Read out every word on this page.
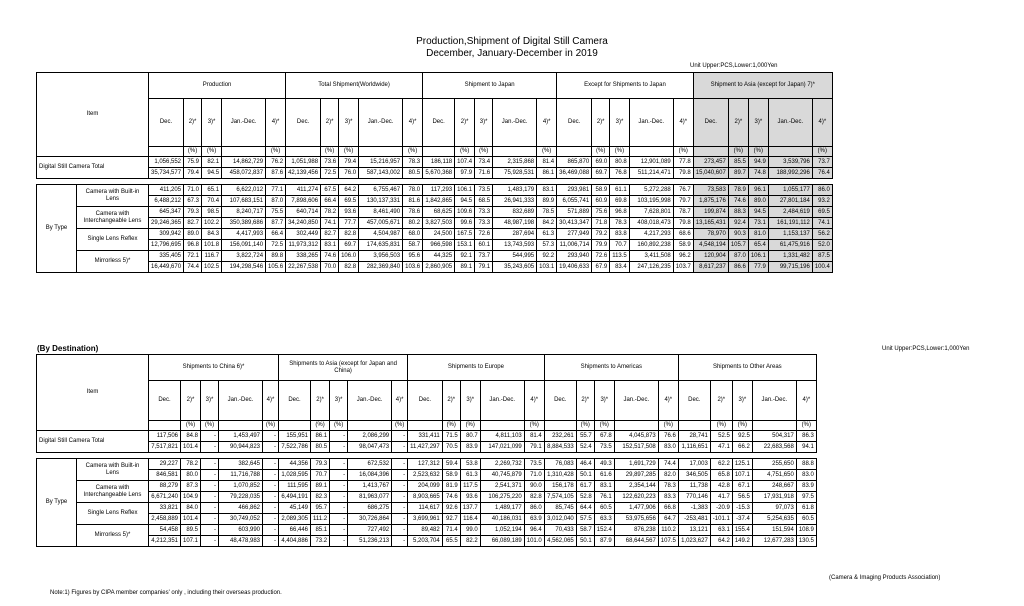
Production,Shipment of Digital Still Camera
December, January-December in 2019
Unit Upper:PCS,Lower:1,000Yen
Item		Production					Total Shipment(Worldwide)					Shipment to Japan					Except for Shipments to Japan					Shipment to Asia (except for Japan) 7)*				
		Dec.	2)*	3)*	Jan.-Dec.	4)*	Dec.	2)*	3)*	Jan.-Dec.	4)*	Dec.	2)*	3)*	Jan.-Dec.	4)*	Dec.	2)*	3)*	Jan.-Dec.	4)*	Dec.	2)*	3)*	Jan.-Dec.	4)*
			(%)	(%)		(%)		(%)	(%)		(%)		(%)	(%)		(%)		(%)	(%)		(%)		(%)	(%)		(%)
Digital Still Camera Total		1,056,552	75.9	82.1	14,862,729	76.2	1,051,988	73.6	79.4	15,216,957	78.3	186,118	107.4	73.4	2,315,868	81.4	865,870	69.0	80.8	12,901,089	77.8	273,457	85.5	94.9	3,539,796	73.7
		35,734,577	79.4	94.5	458,072,837	87.6	42,139,456	72.5	76.0	587,143,002	80.5	5,670,368	97.9	71.6	75,928,531	86.1	36,469,088	69.7	76.8	511,214,471	79.8	15,040,607	89.7	74.8	188,992,296	76.4

By Type	Camera with Built-in Lens	411,205	71.0	65.1	6,622,012	77.1	411,274	67.5	64.2	6,755,467	78.0	117,293	106.1	73.5	1,483,179	83.1	293,981	58.9	61.1	5,272,288	76.7	73,583	78.9	96.1	1,055,177	86.0
		6,488,212	67.3	70.4	107,683,151	87.0	7,898,606	66.4	69.5	130,137,331	81.6	1,842,865	94.5	68.5	26,941,333	89.9	6,055,741	60.9	69.8	103,195,998	79.7	1,875,176	74.6	89.0	27,801,184	93.2
	Camera with Interchangeable Lens	645,347	79.3	98.5	8,240,717	75.5	640,714	78.2	93.6	8,461,490	78.6	68,625	109.6	73.3	832,689	78.5	571,889	75.6	96.8	7,628,801	78.7	199,874	88.3	94.5	2,484,619	69.5
		29,246,365	82.7	102.2	350,389,686	87.7	34,240,850	74.1	77.7	457,005,671	80.2	3,827,503	99.6	73.3	48,987,198	84.2	30,413,347	71.8	78.3	408,018,473	79.8	13,165,431	92.4	73.1	161,191,112	74.1
	Single Lens Reflex	309,942	89.0	84.3	4,417,993	66.4	302,449	82.7	82.8	4,504,987	68.0	24,500	167.5	72.6	287,694	61.3	277,949	79.2	83.8	4,217,293	68.6	78,970	90.3	81.0	1,153,137	56.2
		12,796,695	96.8	101.8	156,091,140	72.5	11,973,312	83.1	69.7	174,635,831	58.7	966,598	153.1	60.1	13,743,593	57.3	11,006,714	79.9	70.7	160,892,238	58.9	4,548,194	105.7	65.4	61,475,916	52.0
	Mirrorless 5)*	335,405	72.1	116.7	3,822,724	89.8	338,265	74.6	106.0	3,956,503	95.6	44,325	92.1	73.7	544,995	92.2	293,940	72.6	113.5	3,411,508	96.2	120,904	87.0	106.1	1,331,482	87.5
		16,449,670	74.4	102.5	194,298,546	105.6	22,267,538	70.0	82.8	282,369,840	103.6	2,860,905	89.1	79.1	35,243,605	103.1	19,406,633	67.9	83.4	247,126,235	103.7	8,617,237	86.6	77.9	99,715,196	100.4
(By Destination)	Unit Upper:PCS,Lower:1,000Yen
Item		Shipments to China 6)*					Shipments to Asia (except for Japan and China)					Shipments to Europe					Shipments to Americas					Shipments to Other Areas				
		Dec.	2)*	3)*	Jan.-Dec.	4)*	Dec.	2)*	3)*	Jan.-Dec.	4)*	Dec.	2)*	3)*	Jan.-Dec.	4)*	Dec.	2)*	3)*	Jan.-Dec.	4)*	Dec.	2)*	3)*	Jan.-Dec.	4)*
			(%)	(%)		(%)		(%)	(%)		(%)		(%)	(%)		(%)		(%)	(%)		(%)		(%)	(%)		(%)
Digital Still Camera Total		117,506	84.8	-	1,453,497	-	155,951	86.1	-	2,086,299	-	331,411	71.5	80.7	4,811,103	81.4	232,261	55.7	67.8	4,045,873	76.6	28,741	52.5	92.5	504,317	86.3
		7,517,821	101.4	-	90,944,823	-	7,522,786	80.5	-	98,047,473	-	11,427,297	70.5	83.9	147,021,099	79.1	8,884,533	52.4	73.5	152,517,508	83.0	1,116,651	47.1	66.2	22,683,568	94.1

By Type	Camera with Built-in Lens	29,227	78.2	-	382,645	-	44,356	79.3	-	672,532	-	127,312	59.4	53.8	2,269,732	73.5	76,083	46.4	49.3	1,691,729	74.4	17,003	62.2	125.1	255,650	88.8
		846,581	80.0	-	11,716,788	-	1,028,595	70.7	-	16,084,396	-	2,523,632	58.9	61.3	40,745,879	71.0	1,310,428	50.1	61.6	29,897,285	82.0	346,505	65.8	107.1	4,751,650	83.0
	Camera with Interchangeable Lens	88,279	87.3	-	1,070,852	-	111,595	89.1	-	1,413,767	-	204,099	81.9	117.5	2,541,371	90.0	156,178	61.7	83.1	2,354,144	78.3	11,738	42.8	67.1	248,667	83.9
		6,671,240	104.9	-	79,228,035	-	6,494,191	82.3	-	81,963,077	-	8,903,665	74.6	93.6	106,275,220	82.8	7,574,105	52.8	76.1	122,620,223	83.3	770,146	41.7	56.5	17,931,918	97.5
	Single Lens Reflex	33,821	84.0	-	466,862	-	45,149	95.7	-	686,275	-	114,617	92.6	137.7	1,489,177	86.0	85,745	64.4	60.5	1,477,906	66.8	-1,383	-20.9	-15.3	97,073	61.8
		2,458,889	101.4	-	30,749,052	-	2,089,305	111.2	-	30,726,864	-	3,699,961	92.7	116.4	40,186,031	63.9	3,012,040	57.5	63.3	53,975,656	64.7	-253,481	-101.1	-37.4	5,254,635	60.5
	Mirrorless 5)*	54,458	89.5	-	603,990	-	66,446	85.1	-	727,492	-	89,482	71.4	99.0	1,052,194	96.4	70,433	58.7	152.4	876,238	110.2	13,121	63.1	155.4	151,594	108.9
		4,212,351	107.1	-	48,478,983	-	4,404,886	73.2	-	51,236,213	-	5,203,704	65.5	82.2	66,089,189	101.0	4,562,065	50.1	87.9	68,644,567	107.5	1,023,627	64.2	149.2	12,677,283	130.5
(Camera & Imaging Products Association)
Note:1) Figures by CIPA member companies' only , including their overseas production.
